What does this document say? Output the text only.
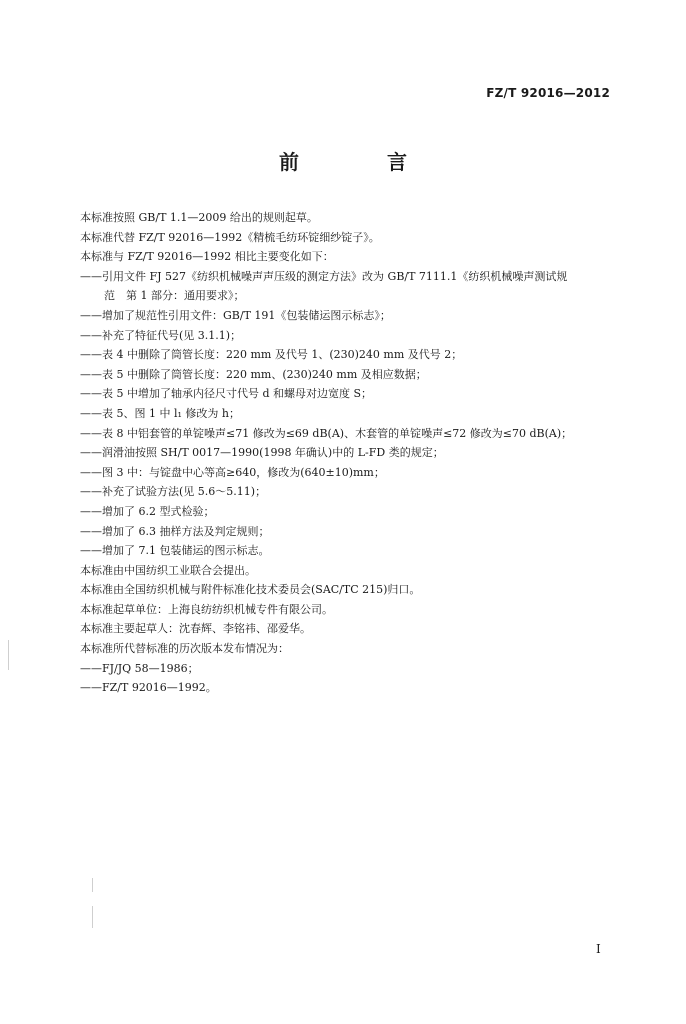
FZ/T 92016—2012
前　言
本标准按照 GB/T 1.1—2009 给出的规则起草。
本标准代替 FZ/T 92016—1992《精梳毛纺环锭细纱锭子》。
本标准与 FZ/T 92016—1992 相比主要变化如下：
——引用文件 FJ 527《纺织机械噪声声压级的测定方法》改为 GB/T 7111.1《纺织机械噪声测试规
范　第 1 部分：通用要求》；
——增加了规范性引用文件：GB/T 191《包装储运图示标志》；
——补充了特征代号(见 3.1.1)；
——表 4 中删除了筒管长度：220 mm 及代号 1、(230)240 mm 及代号 2；
——表 5 中删除了筒管长度：220 mm、(230)240 mm 及相应数据；
——表 5 中增加了轴承内径尺寸代号 d 和螺母对边宽度 S；
——表 5、图 1 中 l₁ 修改为 h；
——表 8 中铝套管的单锭噪声≤71 修改为≤69 dB(A)、木套管的单锭噪声≤72 修改为≤70 dB(A)；
——润滑油按照 SH/T 0017—1990(1998 年确认)中的 L-FD 类的规定；
——图 3 中：与锭盘中心等高≥640，修改为(640±10)mm；
——补充了试验方法(见 5.6～5.11)；
——增加了 6.2 型式检验；
——增加了 6.3 抽样方法及判定规则；
——增加了 7.1 包装储运的图示标志。
本标准由中国纺织工业联合会提出。
本标准由全国纺织机械与附件标准化技术委员会(SAC/TC 215)归口。
本标准起草单位：上海良纺纺织机械专件有限公司。
本标准主要起草人：沈春辉、李铭祎、邵爱华。
本标准所代替标准的历次版本发布情况为：
——FJ/JQ 58—1986；
——FZ/T 92016—1992。
I
